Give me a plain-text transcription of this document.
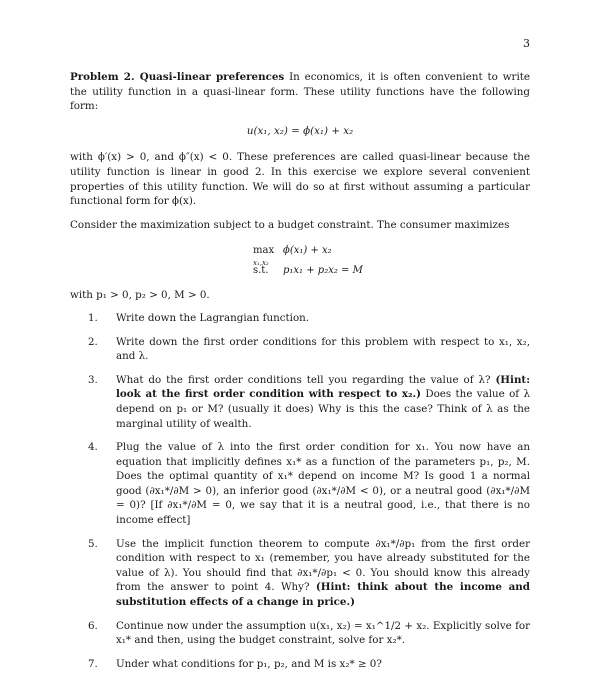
3

Problem 2. Quasi-linear preferences In economics, it is often convenient to write the utility function in a quasi-linear form. These utility functions have the following form:

u(x₁, x₂) = ϕ(x₁) + x₂

with ϕ′(x) > 0, and ϕ″(x) < 0. These preferences are called quasi-linear because the utility function is linear in good 2. In this exercise we explore several convenient properties of this utility function. We will do so at first without assuming a particular functional form for ϕ(x).

Consider the maximization subject to a budget constraint. The consumer maximizes

max
x₁,x₂
ϕ(x₁) + x₂
s.t.	p₁x₁ + p₂x₂ = M

with p₁ > 0, p₂ > 0, M > 0.

1.	Write down the Lagrangian function.
2.	Write down the first order conditions for this problem with respect to x₁, x₂, and λ.
3.	What do the first order conditions tell you regarding the value of λ? (Hint: look at the first order condition with respect to x₂.) Does the value of λ depend on p₁ or M? (usually it does) Why is this the case? Think of λ as the marginal utility of wealth.
4.	Plug the value of λ into the first order condition for x₁. You now have an equation that implicitly defines x₁* as a function of the parameters p₁, p₂, M. Does the optimal quantity of x₁* depend on income M? Is good 1 a normal good (∂x₁*/∂M > 0), an inferior good (∂x₁*/∂M < 0), or a neutral good (∂x₁*/∂M = 0)? [If ∂x₁*/∂M = 0, we say that it is a neutral good, i.e., that there is no income effect]
5.	Use the implicit function theorem to compute ∂x₁*/∂p₁ from the first order condition with respect to x₁ (remember, you have already substituted for the value of λ). You should find that ∂x₁*/∂p₁ < 0. You should know this already from the answer to point 4. Why? (Hint: think about the income and substitution effects of a change in price.)
6.	Continue now under the assumption u(x₁, x₂) = x₁^1/2 + x₂. Explicitly solve for x₁* and then, using the budget constraint, solve for x₂*.
7.	Under what conditions for p₁, p₂, and M is x₂* ≥ 0?
